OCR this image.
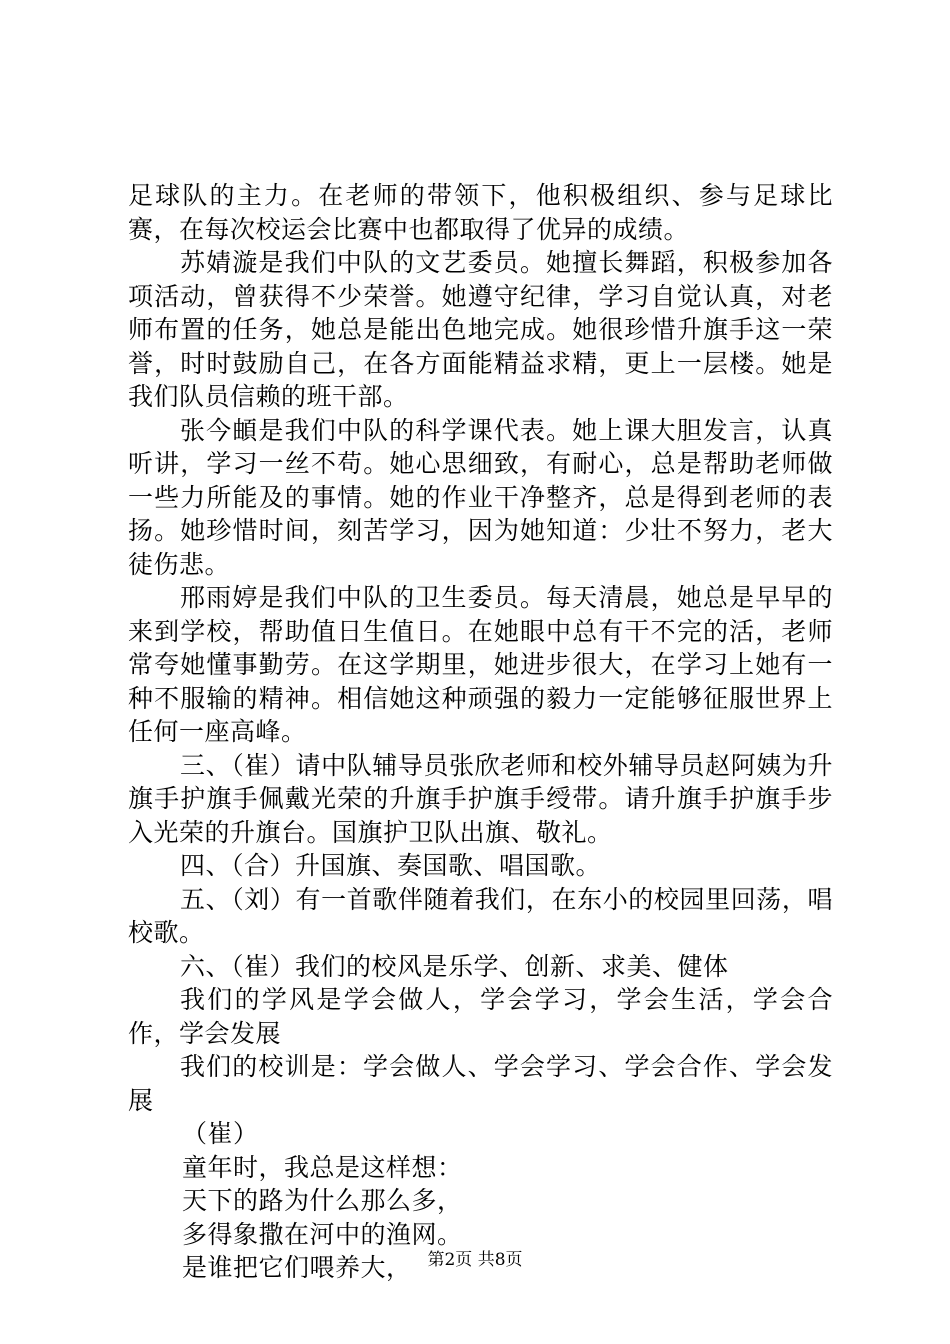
足球队的主力。在老师的带领下，他积极组织、参与足球比赛，在每次校运会比赛中也都取得了优异的成绩。

苏婧漩是我们中队的文艺委员。她擅长舞蹈，积极参加各项活动，曾获得不少荣誉。她遵守纪律，学习自觉认真，对老师布置的任务，她总是能出色地完成。她很珍惜升旗手这一荣誉，时时鼓励自己，在各方面能精益求精，更上一层楼。她是我们队员信赖的班干部。

张今頔是我们中队的科学课代表。她上课大胆发言，认真听讲，学习一丝不苟。她心思细致，有耐心，总是帮助老师做一些力所能及的事情。她的作业干净整齐，总是得到老师的表扬。她珍惜时间，刻苦学习，因为她知道：少壮不努力，老大徒伤悲。

邢雨婷是我们中队的卫生委员。每天清晨，她总是早早的来到学校，帮助值日生值日。在她眼中总有干不完的活，老师常夸她懂事勤劳。在这学期里，她进步很大，在学习上她有一种不服输的精神。相信她这种顽强的毅力一定能够征服世界上任何一座高峰。

三、（崔）请中队辅导员张欣老师和校外辅导员赵阿姨为升旗手护旗手佩戴光荣的升旗手护旗手绶带。请升旗手护旗手步入光荣的升旗台。国旗护卫队出旗、敬礼。

四、（合）升国旗、奏国歌、唱国歌。

五、（刘）有一首歌伴随着我们，在东小的校园里回荡，唱校歌。

六、（崔）我们的校风是乐学、创新、求美、健体

我们的学风是学会做人，学会学习，学会生活，学会合作，学会发展

我们的校训是：学会做人、学会学习、学会合作、学会发展

（崔）

童年时，我总是这样想：

天下的路为什么那么多，

多得象撒在河中的渔网。

是谁把它们喂养大， 第2页 共8页
